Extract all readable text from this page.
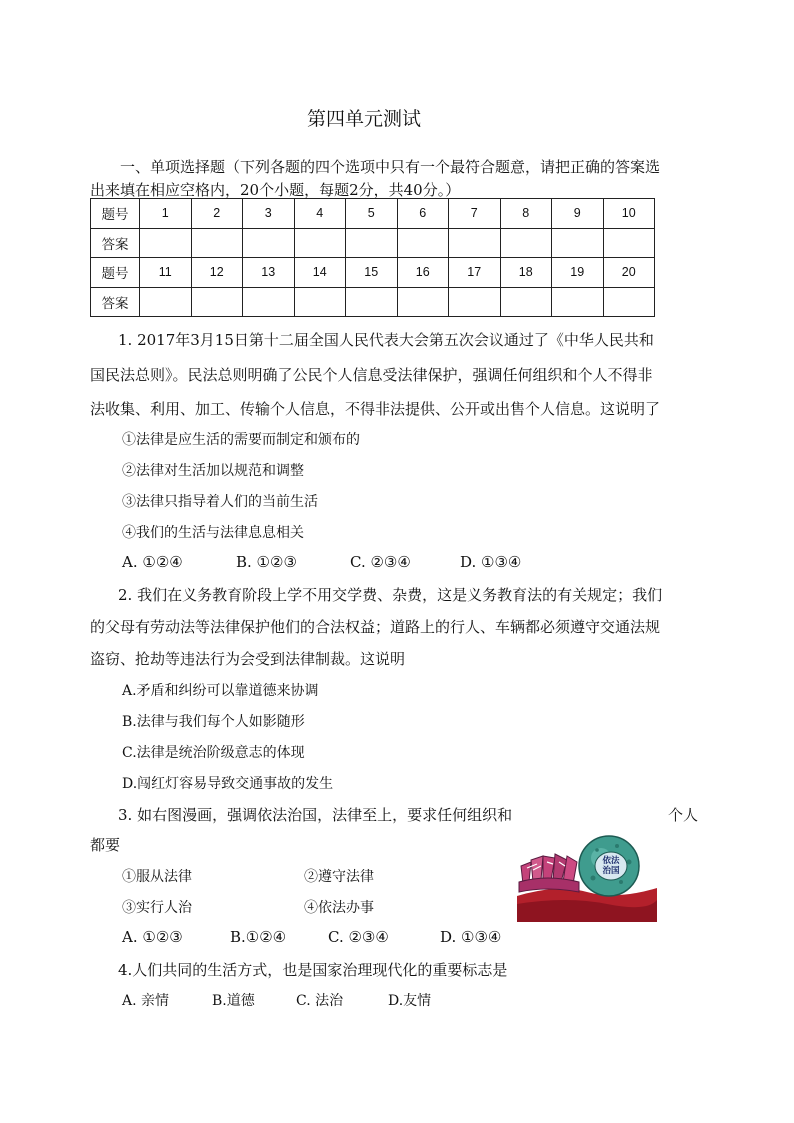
第四单元测试
一、单项选择题（下列各题的四个选项中只有一个最符合题意，请把正确的答案选
出来填在相应空格内，20个小题，每题2分，共40分。）
题号	1	2	3	4	5	6	7	8	9	10
答案										
题号	11	12	13	14	15	16	17	18	19	20
答案										
1. 2017年3月15日第十二届全国人民代表大会第五次会议通过了《中华人民共和
国民法总则》。民法总则明确了公民个人信息受法律保护，强调任何组织和个人不得非
法收集、利用、加工、传输个人信息，不得非法提供、公开或出售个人信息。这说明了
①法律是应生活的需要而制定和颁布的
②法律对生活加以规范和调整
③法律只指导着人们的当前生活
④我们的生活与法律息息相关
A. ①②④	B. ①②③	C. ②③④	D. ①③④
2. 我们在义务教育阶段上学不用交学费、杂费，这是义务教育法的有关规定；我们
的父母有劳动法等法律保护他们的合法权益；道路上的行人、车辆都必须遵守交通法规
盗窃、抢劫等违法行为会受到法律制裁。这说明
A.矛盾和纠纷可以靠道德来协调
B.法律与我们每个人如影随形
C.法律是统治阶级意志的体现
D.闯红灯容易导致交通事故的发生
3. 如右图漫画，强调依法治国，法律至上，要求任何组织和	个人
都要
①服从法律	②遵守法律
③实行人治	④依法办事
A. ①②③	B.①②④	C. ②③④	D. ①③④
依法治国
4.人们共同的生活方式，也是国家治理现代化的重要标志是
A. 亲情	B.道德	C. 法治	D.友情
